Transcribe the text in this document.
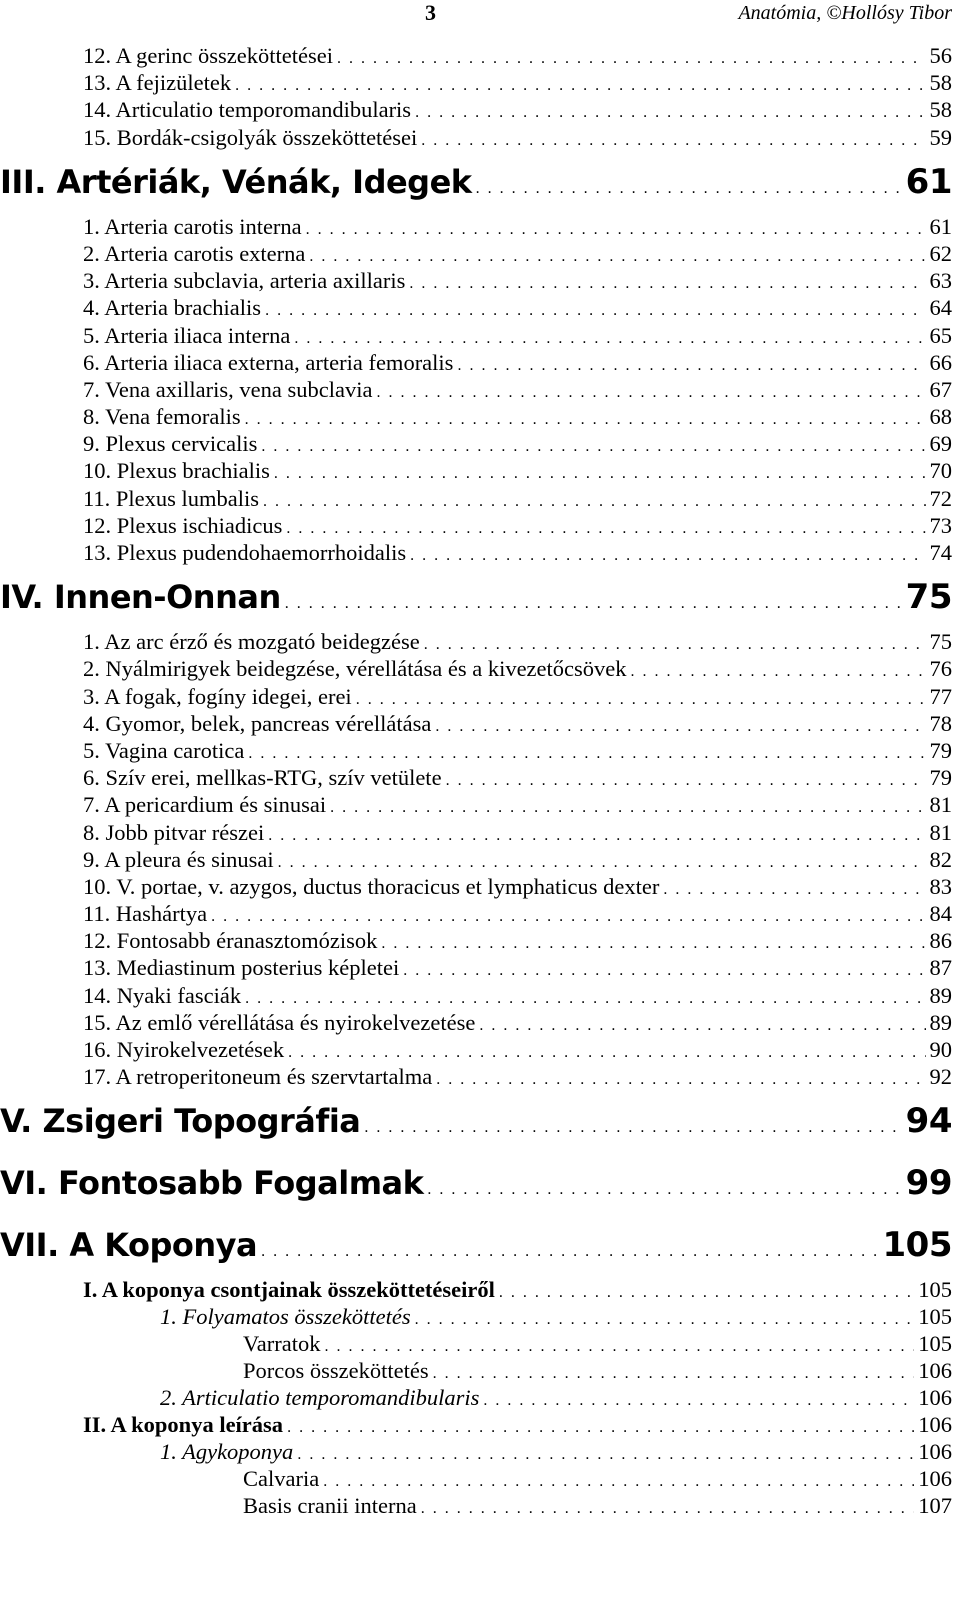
3	Anatómia, ©Hollósy Tibor
12. A gerinc összeköttetései . . .	56
13. A fejizületek . . .	58
14. Articulatio temporomandibularis . . .	58
15. Bordák-csigolyák összeköttetései . . .	59
III. Artériák, Vénák, Idegek . . .	61
1. Arteria carotis interna . . .	61
2. Arteria carotis externa . . .	62
3. Arteria subclavia, arteria axillaris . . .	63
4. Arteria brachialis . . .	64
5. Arteria iliaca interna . . .	65
6. Arteria iliaca externa, arteria femoralis . . .	66
7. Vena axillaris, vena subclavia . . .	67
8. Vena femoralis . . .	68
9. Plexus cervicalis . . .	69
10. Plexus brachialis . . .	70
11. Plexus lumbalis . . .	72
12. Plexus ischiadicus . . .	73
13. Plexus pudendohaemorrhoidalis . . .	74
IV. Innen-Onnan . . .	75
1. Az arc érző és mozgató beidegzése . . .	75
2. Nyálmirigyek beidegzése, vérellátása és a kivezetőcsövek . . .	76
3. A fogak, fogíny idegei, erei . . .	77
4. Gyomor, belek, pancreas vérellátása . . .	78
5. Vagina carotica . . .	79
6. Szív erei, mellkas-RTG, szív vetülete . . .	79
7. A pericardium és sinusai . . .	81
8. Jobb pitvar részei . . .	81
9. A pleura és sinusai . . .	82
10. V. portae, v. azygos, ductus thoracicus et lymphaticus dexter . . .	83
11. Hashártya . . .	84
12. Fontosabb éranasztomózisok . . .	86
13. Mediastinum posterius képletei . . .	87
14. Nyaki fasciák . . .	89
15. Az emlő vérellátása és nyirokelvezetése . . .	89
16. Nyirokelvezetések . . .	90
17. A retroperitoneum és szervtartalma . . .	92
V. Zsigeri Topográfia . . .	94
VI. Fontosabb Fogalmak . . .	99
VII. A Koponya . . .	105
I. A koponya csontjainak összeköttetéseiről . . .	105
1. Folyamatos összeköttetés . . .	105
Varratok . . .	105
Porcos összeköttetés . . .	106
2. Articulatio temporomandibularis . . .	106
II. A koponya leírása . . .	106
1. Agykoponya . . .	106
Calvaria . . .	106
Basis cranii interna . . .	107
